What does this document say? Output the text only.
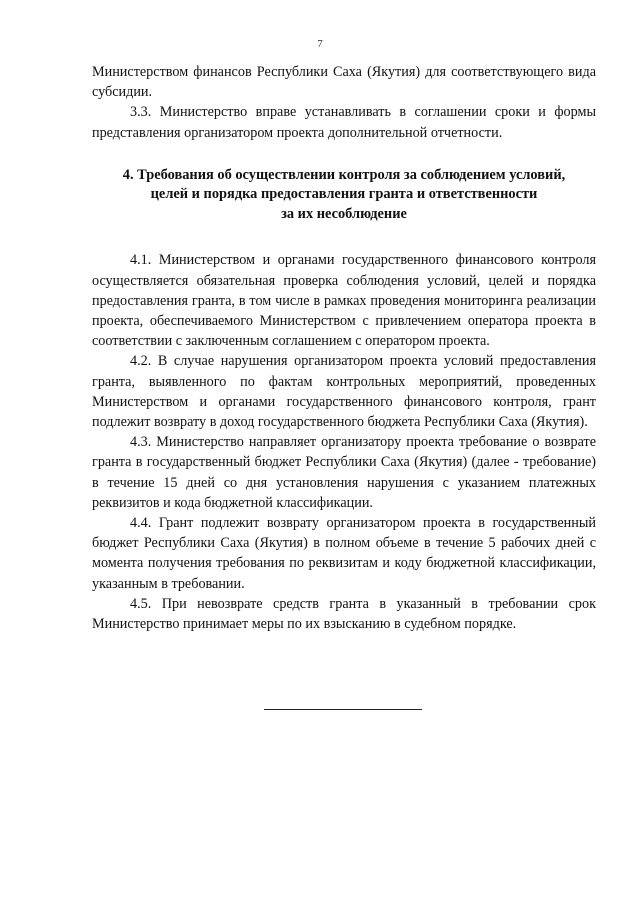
7

Министерством финансов Республики Саха (Якутия) для соответствующего вида субсидии.

3.3. Министерство вправе устанавливать в соглашении сроки и формы представления организатором проекта дополнительной отчетности.

4. Требования об осуществлении контроля за соблюдением условий,
целей и порядка предоставления гранта и ответственности
за их несоблюдение

4.1. Министерством и органами государственного финансового контроля осуществляется обязательная проверка соблюдения условий, целей и порядка предоставления гранта, в том числе в рамках проведения мониторинга реализации проекта, обеспечиваемого Министерством с привлечением оператора проекта в соответствии с заключенным соглашением с оператором проекта.

4.2. В случае нарушения организатором проекта условий предоставления гранта, выявленного по фактам контрольных мероприятий, проведенных Министерством и органами государственного финансового контроля, грант подлежит возврату в доход государственного бюджета Республики Саха (Якутия).

4.3. Министерство направляет организатору проекта требование о возврате гранта в государственный бюджет Республики Саха (Якутия) (далее - требование) в течение 15 дней со дня установления нарушения с указанием платежных реквизитов и кода бюджетной классификации.

4.4. Грант подлежит возврату организатором проекта в государственный бюджет Республики Саха (Якутия) в полном объеме в течение 5 рабочих дней с момента получения требования по реквизитам и коду бюджетной классификации, указанным в требовании.

4.5. При невозврате средств гранта в указанный в требовании срок Министерство принимает меры по их взысканию в судебном порядке.
